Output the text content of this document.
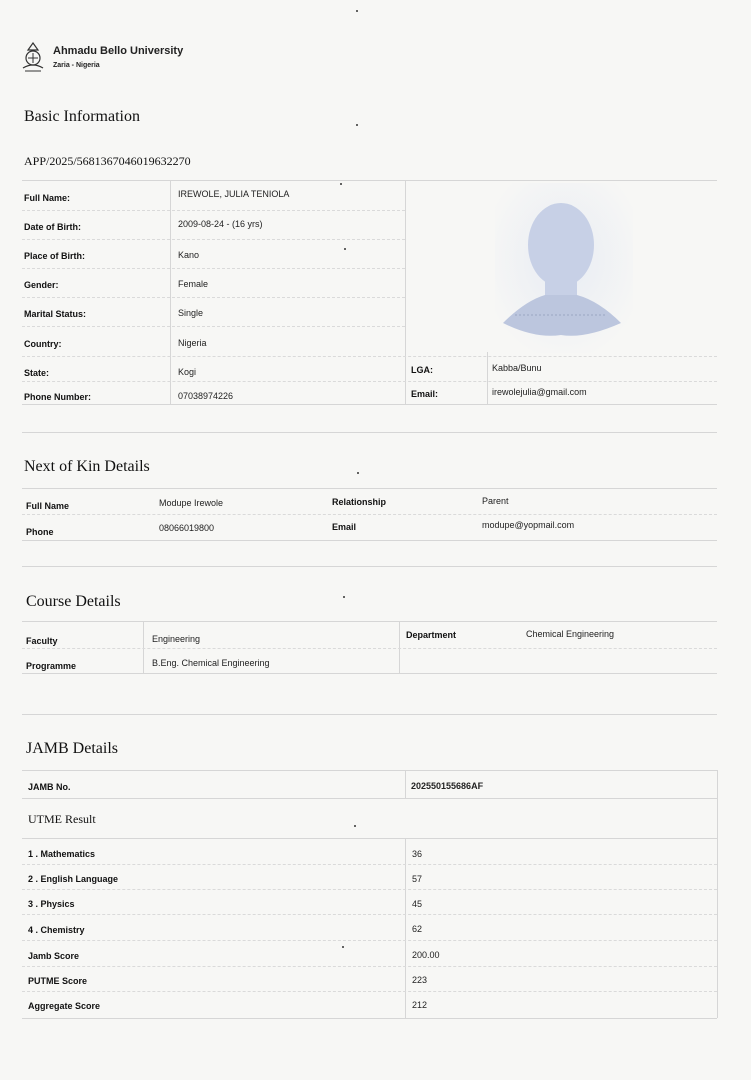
Ahmadu Bello University
Zaria - Nigeria
Basic Information
APP/2025/5681367046019632270
Full Name:	IREWOLE, JULIA TENIOLA
Date of Birth:	2009-08-24 - (16 yrs)
Place of Birth:	Kano
Gender:	Female
Marital Status:	Single
Country:	Nigeria
State:	Kogi	LGA:	Kabba/Bunu
Phone Number:	07038974226	Email:	irewolejulia@gmail.com
Next of Kin Details
Full Name	Modupe Irewole	Relationship	Parent
Phone	08066019800	Email	modupe@yopmail.com
Course Details
Faculty	Engineering	Department	Chemical Engineering
Programme	B.Eng. Chemical Engineering
JAMB Details
JAMB No.	202550155686AF
UTME Result
1 . Mathematics	36
2 . English Language	57
3 . Physics	45
4 . Chemistry	62
Jamb Score	200.00
PUTME Score	223
Aggregate Score	212
